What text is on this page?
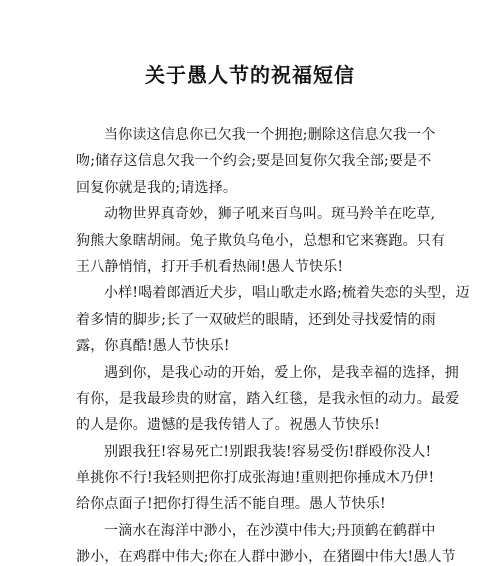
关于愚人节的祝福短信
当你读这信息你已欠我一个拥抱;删除这信息欠我一个
吻;储存这信息欠我一个约会;要是回复你欠我全部;要是不
回复你就是我的;请选择。
动物世界真奇妙，狮子吼来百鸟叫。斑马羚羊在吃草,
狗熊大象瞎胡闹。兔子欺负乌龟小，总想和它来赛跑。只有
王八静悄悄，打开手机看热闹!愚人节快乐!
小样!喝着郎酒近犬步，唱山歌走水路;梳着失恋的头型，迈
着多情的脚步;长了一双破烂的眼睛，还到处寻找爱情的雨
露，你真酷!愚人节快乐!
遇到你，是我心动的开始，爱上你，是我幸福的选择，拥
有你，是我最珍贵的财富，踏入红毯，是我永恒的动力。最爱
的人是你。遗憾的是我传错人了。祝愚人节快乐!
别跟我狂!容易死亡!别跟我装!容易受伤!群殴你没人!
单挑你不行!我轻则把你打成张海迪!重则把你捶成木乃伊!
给你点面子!把你打得生活不能自理。愚人节快乐!
一滴水在海洋中渺小，在沙漠中伟大;丹顶鹤在鹤群中
渺小，在鸡群中伟大;你在人群中渺小，在猪圈中伟大!愚人节
